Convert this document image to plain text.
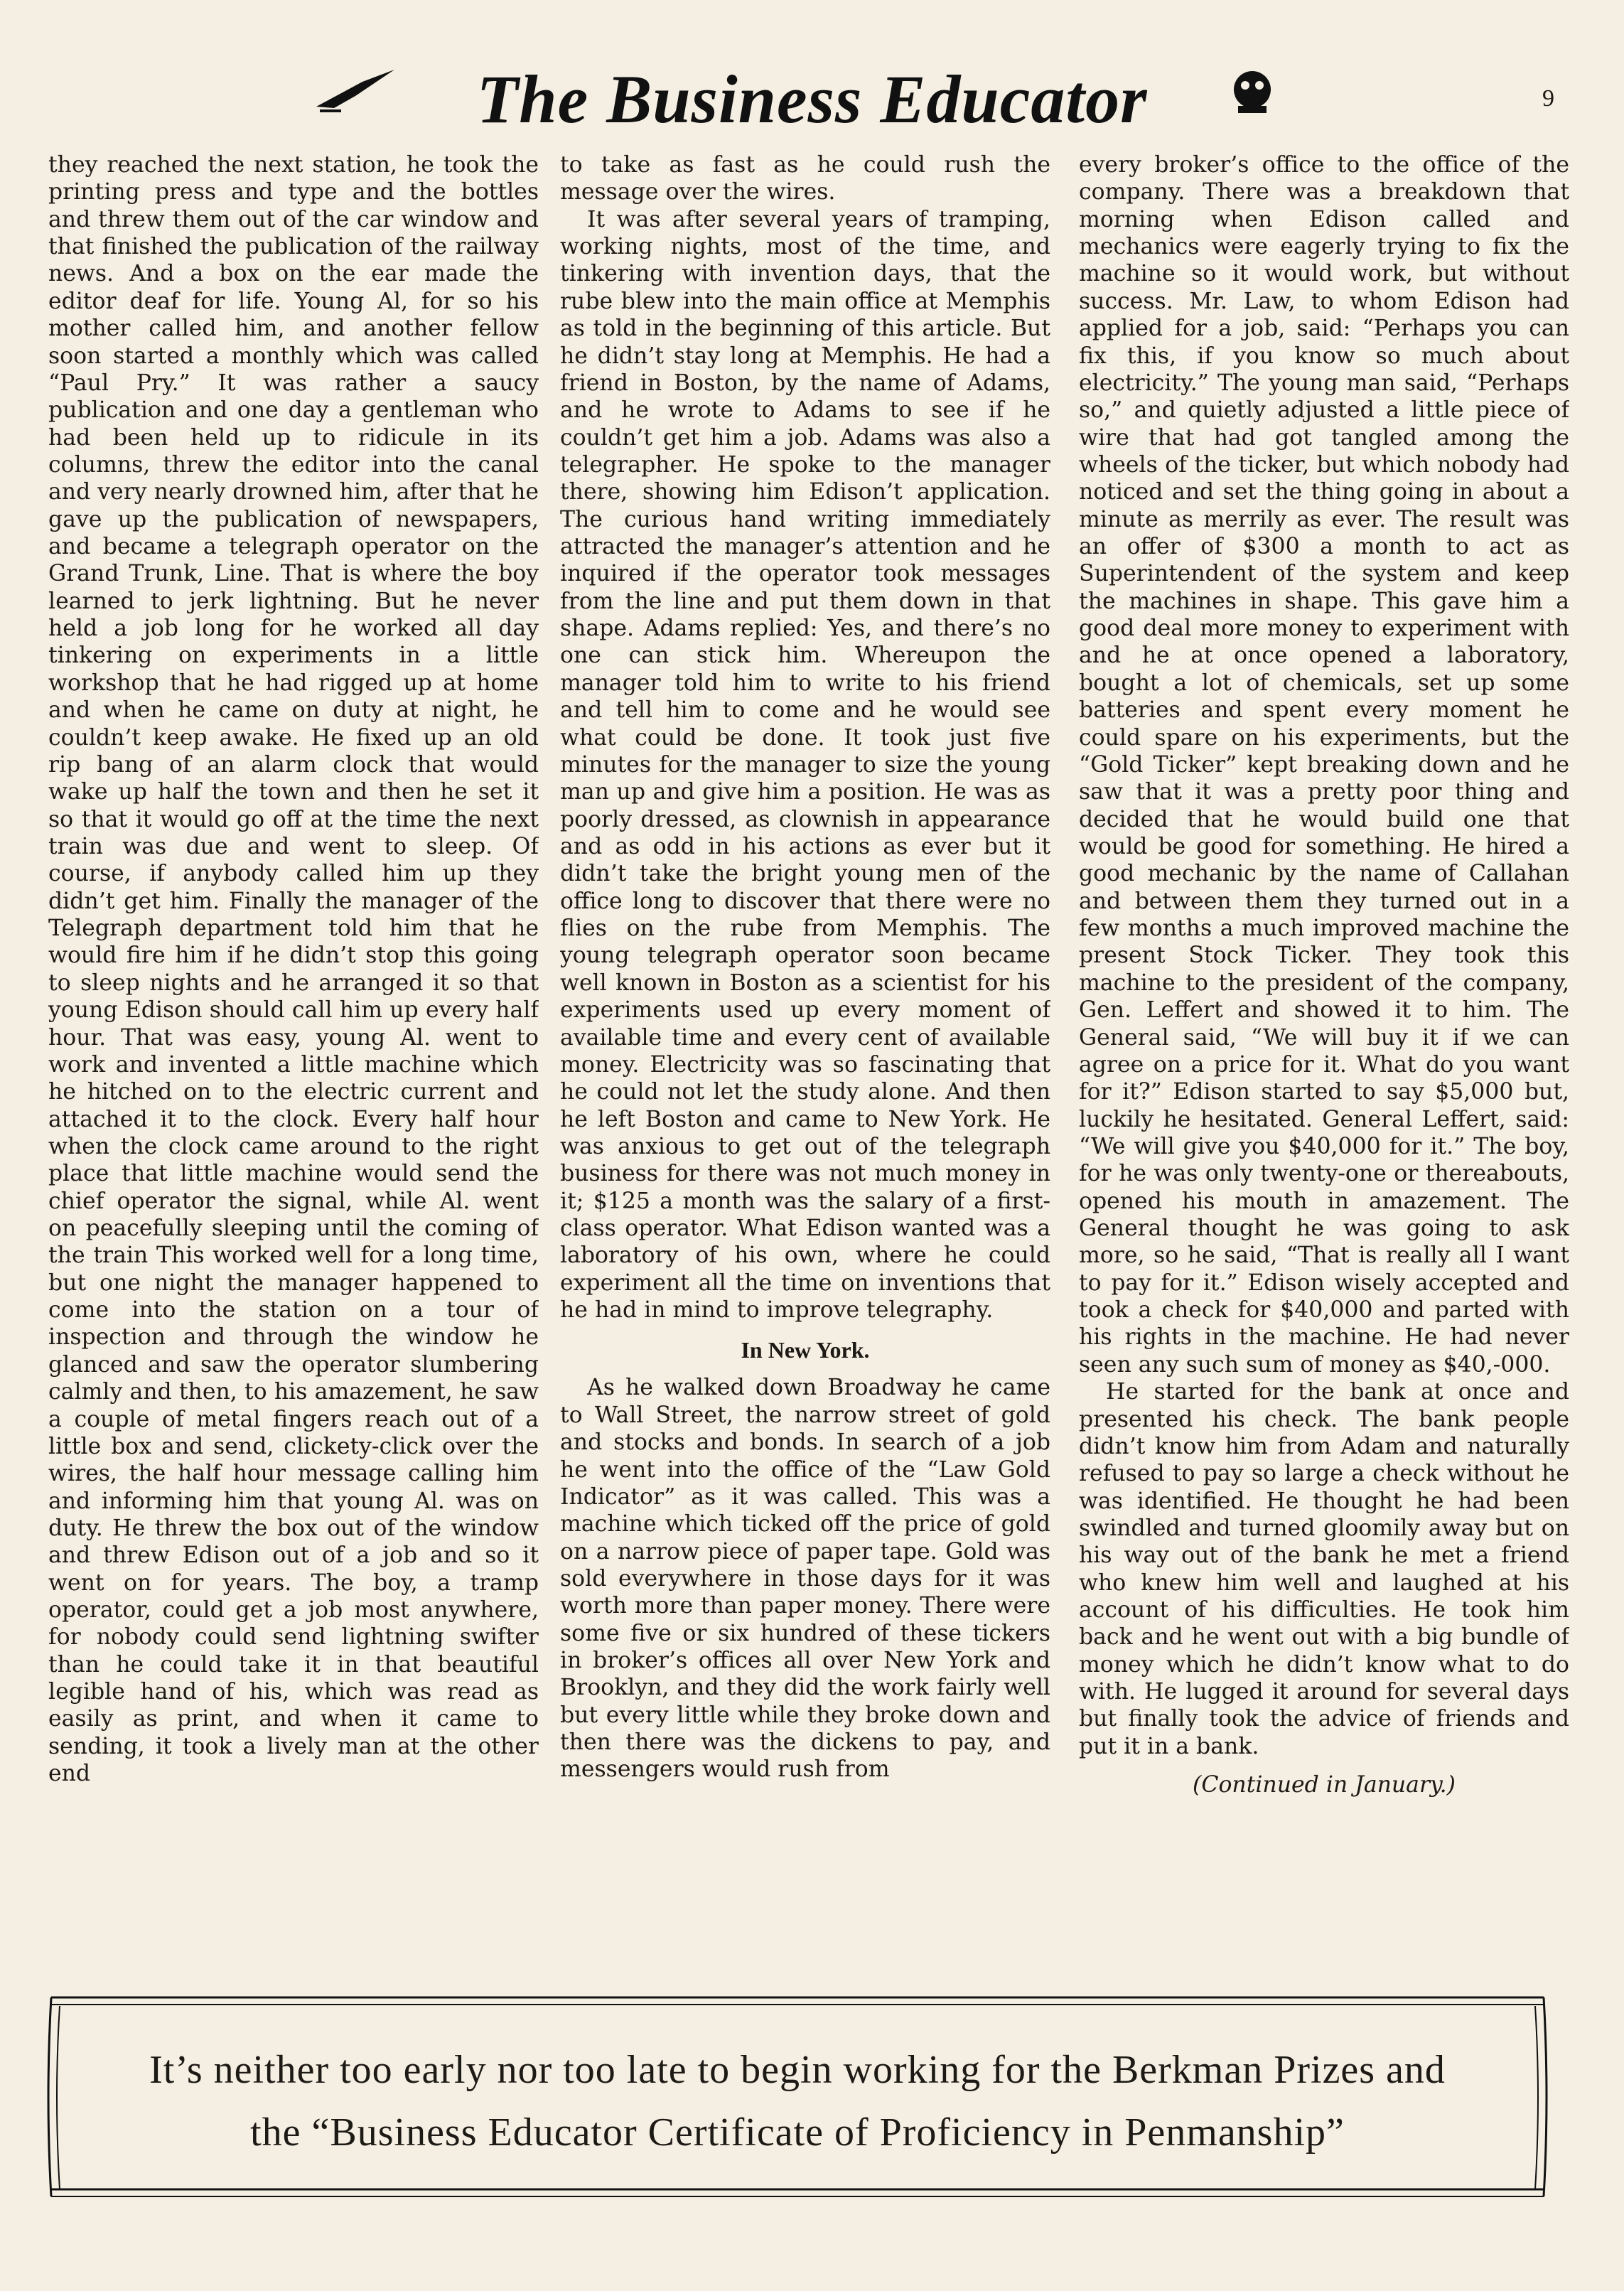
The Business Educator	9

they reached the next station, he took the printing press and type and the bottles and threw them out of the car window and that finished the publication of the railway news. And a box on the ear made the editor deaf for life. Young Al, for so his mother called him, and another fellow soon started a monthly which was called “Paul Pry.” It was rather a saucy publication and one day a gentleman who had been held up to ridicule in its columns, threw the editor into the canal and very nearly drowned him, after that he gave up the publication of newspapers, and became a telegraph operator on the Grand Trunk, Line. That is where the boy learned to jerk lightning. But he never held a job long for he worked all day tinkering on experiments in a little workshop that he had rigged up at home and when he came on duty at night, he couldn’t keep awake. He fixed up an old rip bang of an alarm clock that would wake up half the town and then he set it so that it would go off at the time the next train was due and went to sleep. Of course, if anybody called him up they didn’t get him. Finally the manager of the Telegraph department told him that he would fire him if he didn’t stop this going to sleep nights and he arranged it so that young Edison should call him up every half hour. That was easy, young Al. went to work and invented a little machine which he hitched on to the electric current and attached it to the clock. Every half hour when the clock came around to the right place that little machine would send the chief operator the signal, while Al. went on peacefully sleeping until the coming of the train This worked well for a long time, but one night the manager happened to come into the station on a tour of inspection and through the window he glanced and saw the operator slumbering calmly and then, to his amazement, he saw a couple of metal fingers reach out of a little box and send, clickety-click over the wires, the half hour message calling him and informing him that young Al. was on duty. He threw the box out of the window and threw Edison out of a job and so it went on for years. The boy, a tramp operator, could get a job most anywhere, for nobody could send lightning swifter than he could take it in that beautiful legible hand of his, which was read as easily as print, and when it came to sending, it took a lively man at the other end

to take as fast as he could rush the message over the wires.

It was after several years of tramping, working nights, most of the time, and tinkering with invention days, that the rube blew into the main office at Memphis as told in the beginning of this article. But he didn’t stay long at Memphis. He had a friend in Boston, by the name of Adams, and he wrote to Adams to see if he couldn’t get him a job. Adams was also a telegrapher. He spoke to the manager there, showing him Edison’t application. The curious hand writing immediately attracted the manager’s attention and he inquired if the operator took messages from the line and put them down in that shape. Adams replied: Yes, and there’s no one can stick him. Whereupon the manager told him to write to his friend and tell him to come and he would see what could be done. It took just five minutes for the manager to size the young man up and give him a position. He was as poorly dressed, as clownish in appearance and as odd in his actions as ever but it didn’t take the bright young men of the office long to discover that there were no flies on the rube from Memphis. The young telegraph operator soon became well known in Boston as a scientist for his experiments used up every moment of available time and every cent of available money. Electricity was so fascinating that he could not let the study alone. And then he left Boston and came to New York. He was anxious to get out of the telegraph business for there was not much money in it; $125 a month was the salary of a first-class operator. What Edison wanted was a laboratory of his own, where he could experiment all the time on inventions that he had in mind to improve telegraphy.

In New York.

As he walked down Broadway he came to Wall Street, the narrow street of gold and stocks and bonds. In search of a job he went into the office of the “Law Gold Indicator” as it was called. This was a machine which ticked off the price of gold on a narrow piece of paper tape. Gold was sold everywhere in those days for it was worth more than paper money. There were some five or six hundred of these tickers in broker’s offices all over New York and Brooklyn, and they did the work fairly well but every little while they broke down and then there was the dickens to pay, and messengers would rush from

every broker’s office to the office of the company. There was a breakdown that morning when Edison called and mechanics were eagerly trying to fix the machine so it would work, but without success. Mr. Law, to whom Edison had applied for a job, said: “Perhaps you can fix this, if you know so much about electricity.” The young man said, “Perhaps so,” and quietly adjusted a little piece of wire that had got tangled among the wheels of the ticker, but which nobody had noticed and set the thing going in about a minute as merrily as ever. The result was an offer of $300 a month to act as Superintendent of the system and keep the machines in shape. This gave him a good deal more money to experiment with and he at once opened a laboratory, bought a lot of chemicals, set up some batteries and spent every moment he could spare on his experiments, but the “Gold Ticker” kept breaking down and he saw that it was a pretty poor thing and decided that he would build one that would be good for something. He hired a good mechanic by the name of Callahan and between them they turned out in a few months a much improved machine the present Stock Ticker. They took this machine to the president of the company, Gen. Leffert and showed it to him. The General said, “We will buy it if we can agree on a price for it. What do you want for it?” Edison started to say $5,000 but, luckily he hesitated. General Leffert, said: “We will give you $40,000 for it.” The boy, for he was only twenty-one or thereabouts, opened his mouth in amazement. The General thought he was going to ask more, so he said, “That is really all I want to pay for it.” Edison wisely accepted and took a check for $40,000 and parted with his rights in the machine. He had never seen any such sum of money as $40,-000.

He started for the bank at once and presented his check. The bank people didn’t know him from Adam and naturally refused to pay so large a check without he was identified. He thought he had been swindled and turned gloomily away but on his way out of the bank he met a friend who knew him well and laughed at his account of his difficulties. He took him back and he went out with a big bundle of money which he didn’t know what to do with. He lugged it around for several days but finally took the advice of friends and put it in a bank.

(Continued in January.)
It’s neither too early nor too late to begin working for the Berkman Prizes and
the “Business Educator Certificate of Proficiency in Penmanship”
